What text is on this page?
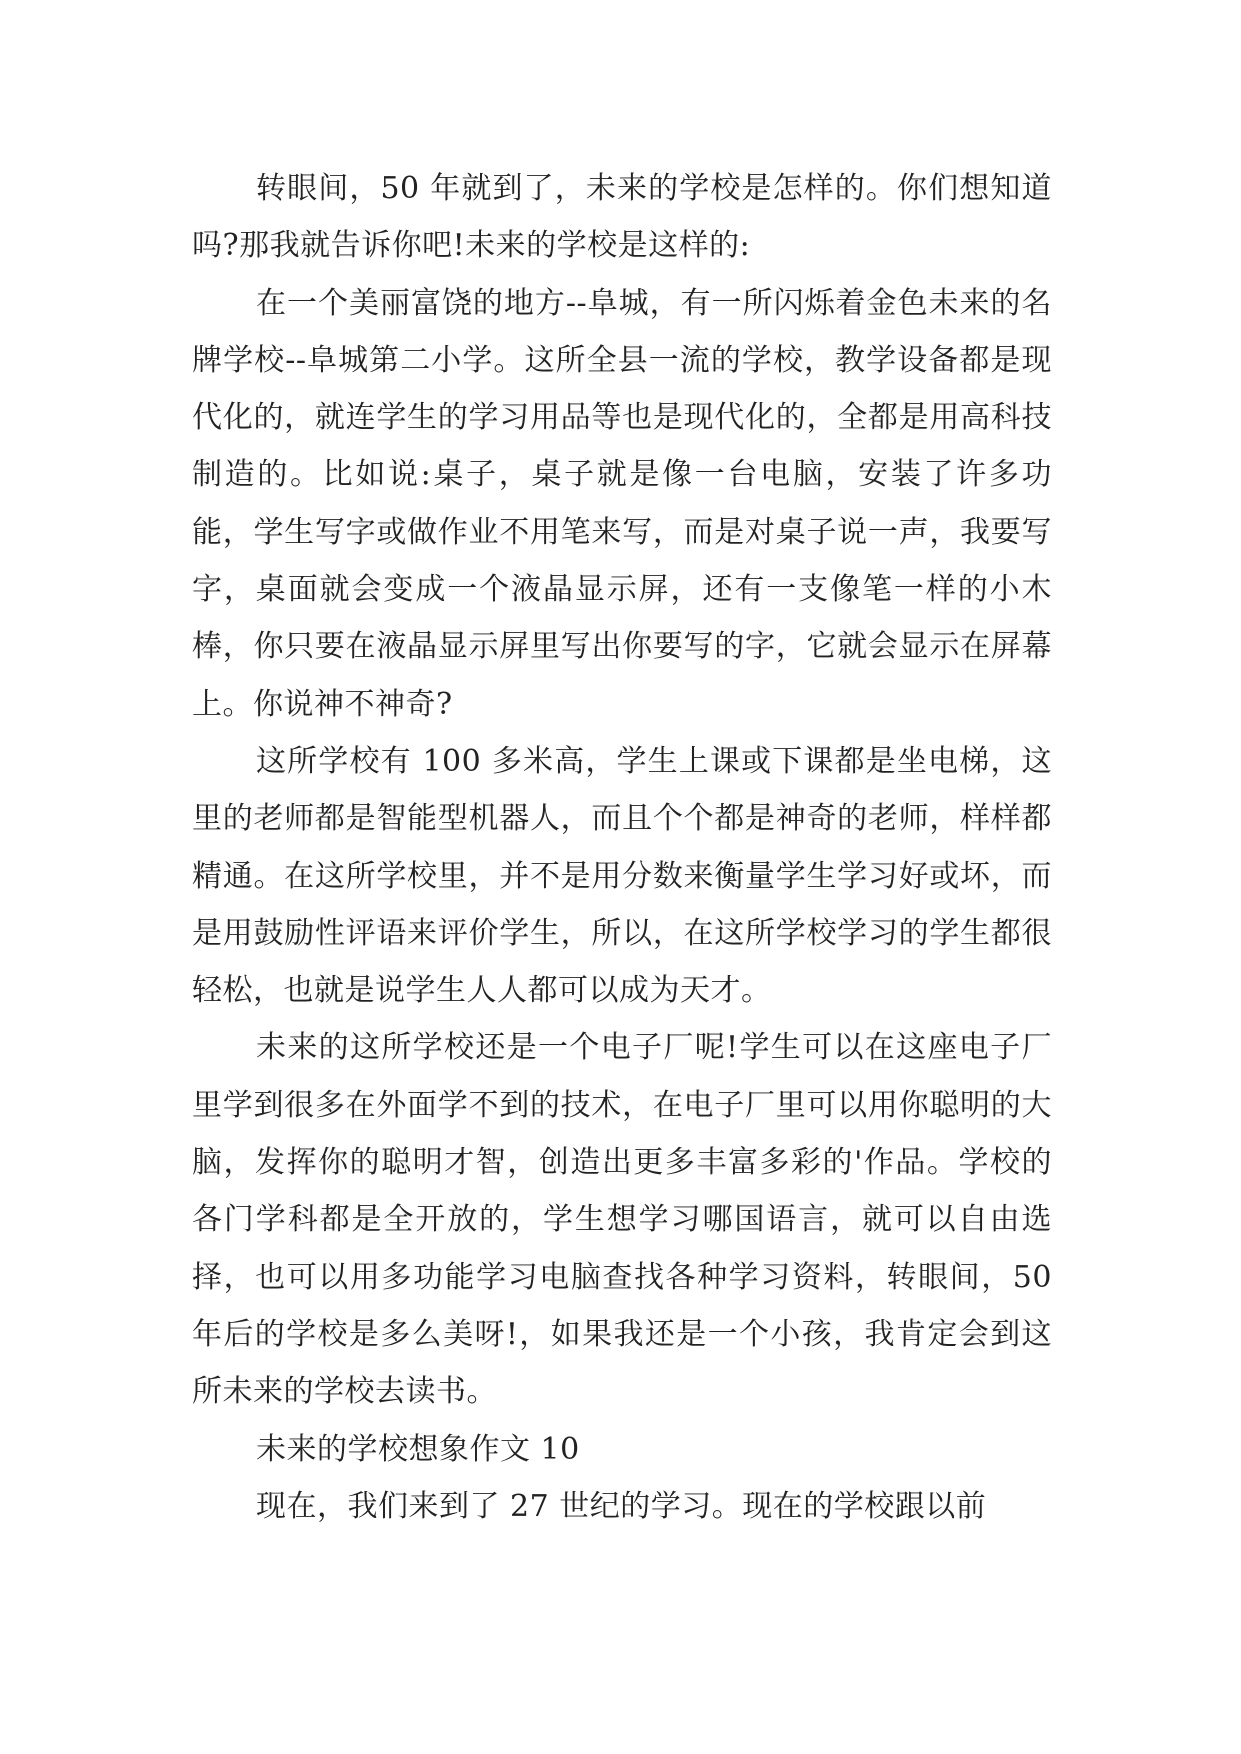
转眼间，50 年就到了，未来的学校是怎样的。你们想知道吗?那我就告诉你吧!未来的学校是这样的:

在一个美丽富饶的地方--阜城，有一所闪烁着金色未来的名牌学校--阜城第二小学。这所全县一流的学校，教学设备都是现代化的，就连学生的学习用品等也是现代化的，全都是用高科技制造的。比如说:桌子，桌子就是像一台电脑，安装了许多功能，学生写字或做作业不用笔来写，而是对桌子说一声，我要写字，桌面就会变成一个液晶显示屏，还有一支像笔一样的小木棒，你只要在液晶显示屏里写出你要写的字，它就会显示在屏幕上。你说神不神奇?

这所学校有 100 多米高，学生上课或下课都是坐电梯，这里的老师都是智能型机器人，而且个个都是神奇的老师，样样都精通。在这所学校里，并不是用分数来衡量学生学习好或坏，而是用鼓励性评语来评价学生，所以，在这所学校学习的学生都很轻松，也就是说学生人人都可以成为天才。

未来的这所学校还是一个电子厂呢!学生可以在这座电子厂里学到很多在外面学不到的技术，在电子厂里可以用你聪明的大脑，发挥你的聪明才智，创造出更多丰富多彩的'作品。学校的各门学科都是全开放的，学生想学习哪国语言，就可以自由选择，也可以用多功能学习电脑查找各种学习资料，转眼间，50 年后的学校是多么美呀!，如果我还是一个小孩，我肯定会到这所未来的学校去读书。

未来的学校想象作文 10

现在，我们来到了 27 世纪的学习。现在的学校跟以前
